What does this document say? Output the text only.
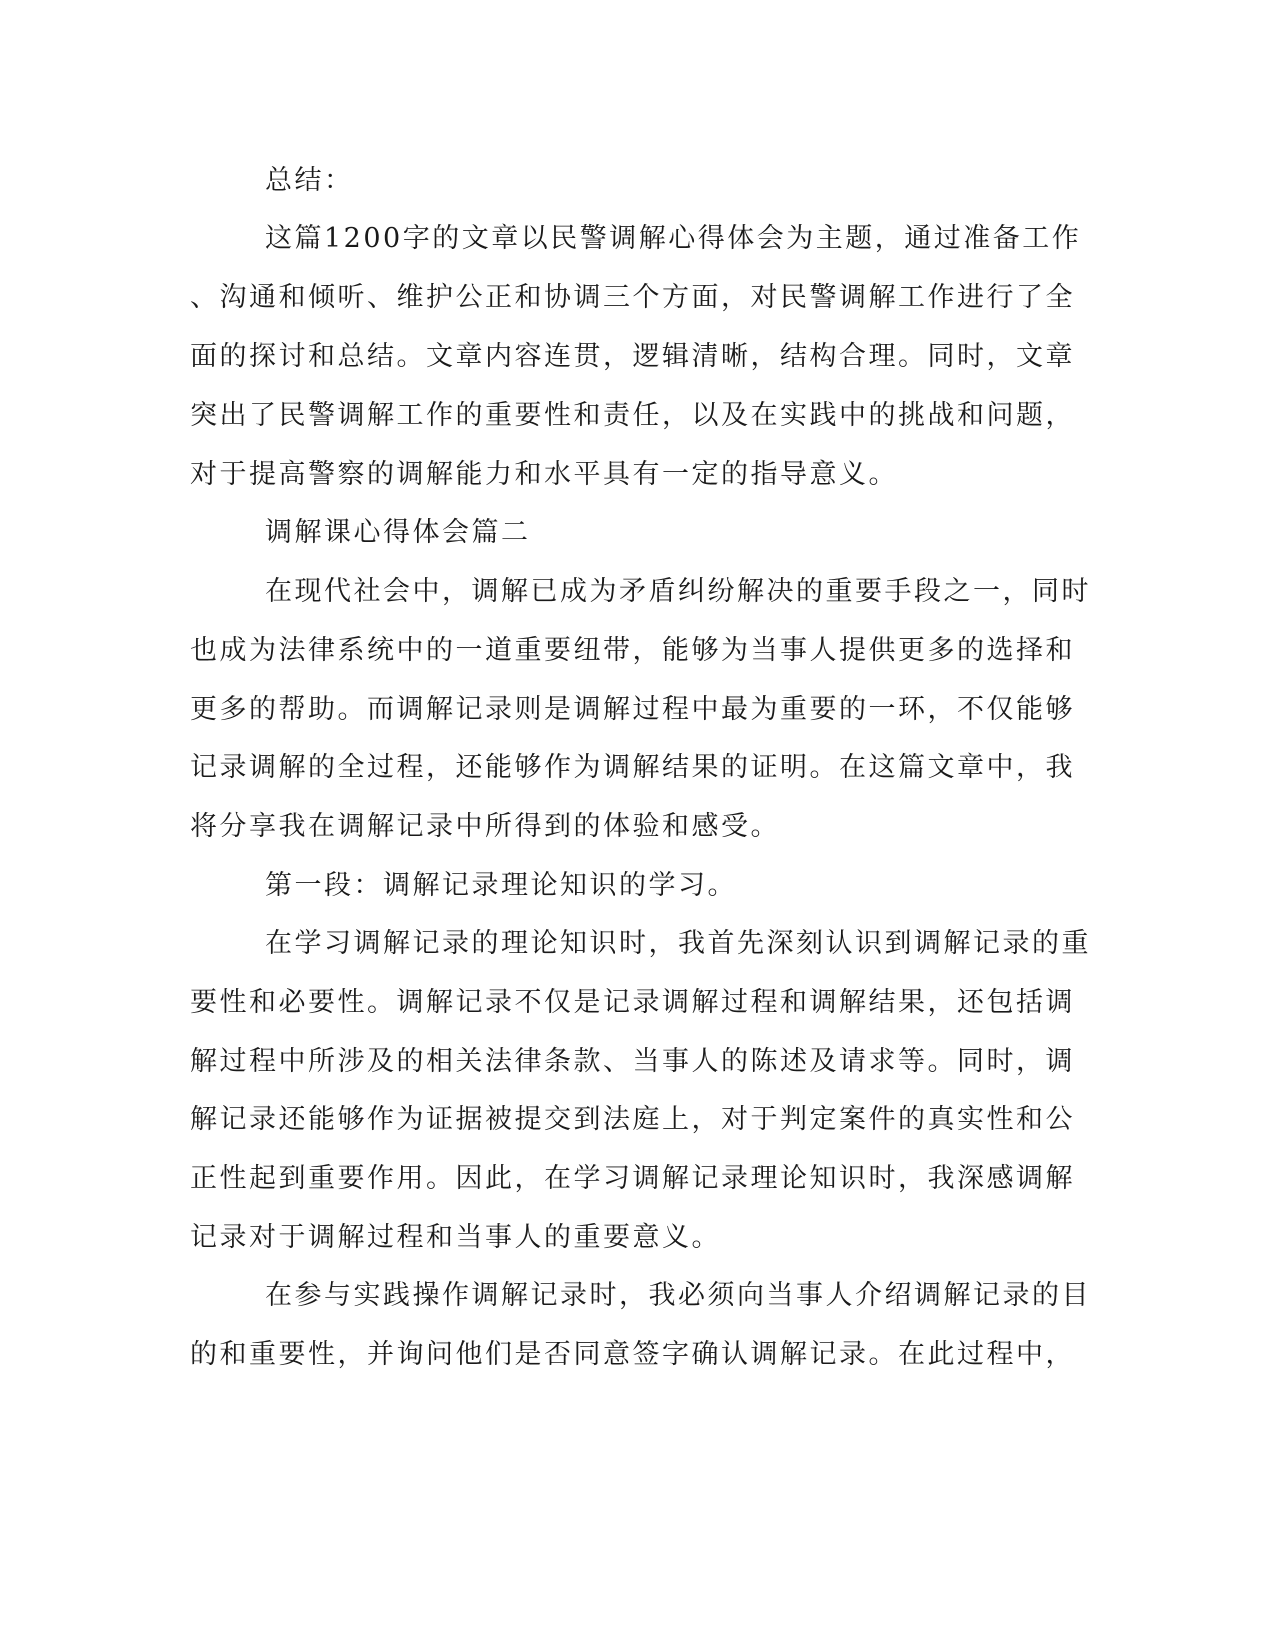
总结：

这篇1200字的文章以民警调解心得体会为主题，通过准备工作

、沟通和倾听、维护公正和协调三个方面，对民警调解工作进行了全

面的探讨和总结。文章内容连贯，逻辑清晰，结构合理。同时，文章

突出了民警调解工作的重要性和责任，以及在实践中的挑战和问题，

对于提高警察的调解能力和水平具有一定的指导意义。

调解课心得体会篇二

在现代社会中，调解已成为矛盾纠纷解决的重要手段之一，同时

也成为法律系统中的一道重要纽带，能够为当事人提供更多的选择和

更多的帮助。而调解记录则是调解过程中最为重要的一环，不仅能够

记录调解的全过程，还能够作为调解结果的证明。在这篇文章中，我

将分享我在调解记录中所得到的体验和感受。

第一段：调解记录理论知识的学习。

在学习调解记录的理论知识时，我首先深刻认识到调解记录的重

要性和必要性。调解记录不仅是记录调解过程和调解结果，还包括调

解过程中所涉及的相关法律条款、当事人的陈述及请求等。同时，调

解记录还能够作为证据被提交到法庭上，对于判定案件的真实性和公

正性起到重要作用。因此，在学习调解记录理论知识时，我深感调解

记录对于调解过程和当事人的重要意义。

在参与实践操作调解记录时，我必须向当事人介绍调解记录的目

的和重要性，并询问他们是否同意签字确认调解记录。在此过程中，
